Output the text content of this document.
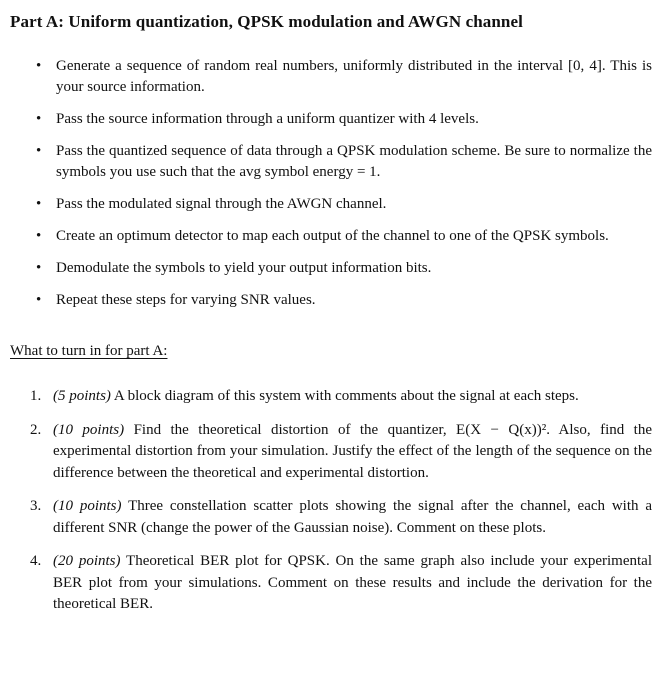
Part A: Uniform quantization, QPSK modulation and AWGN channel
• Generate a sequence of random real numbers, uniformly distributed in the interval [0, 4]. This is your source information.
• Pass the source information through a uniform quantizer with 4 levels.
• Pass the quantized sequence of data through a QPSK modulation scheme. Be sure to normalize the symbols you use such that the avg symbol energy = 1.
• Pass the modulated signal through the AWGN channel.
• Create an optimum detector to map each output of the channel to one of the QPSK symbols.
• Demodulate the symbols to yield your output information bits.
• Repeat these steps for varying SNR values.
What to turn in for part A:
1. (5 points) A block diagram of this system with comments about the signal at each steps.
2. (10 points) Find the theoretical distortion of the quantizer, E(X − Q(x))². Also, find the experimental distortion from your simulation. Justify the effect of the length of the sequence on the difference between the theoretical and experimental distortion.
3. (10 points) Three constellation scatter plots showing the signal after the channel, each with a different SNR (change the power of the Gaussian noise). Comment on these plots.
4. (20 points) Theoretical BER plot for QPSK. On the same graph also include your experimental BER plot from your simulations. Comment on these results and include the derivation for the theoretical BER.
